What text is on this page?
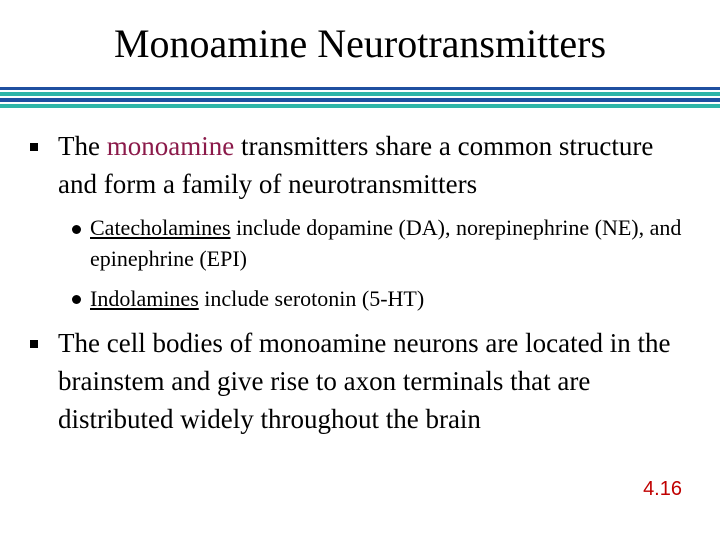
Monoamine Neurotransmitters
The monoamine transmitters share a common structure and form a family of neurotransmitters
Catecholamines include dopamine (DA), norepinephrine (NE), and epinephrine (EPI)
Indolamines include serotonin (5-HT)
The cell bodies of monoamine neurons are located in the brainstem and give rise to axon terminals that are distributed widely throughout the brain
4.16
